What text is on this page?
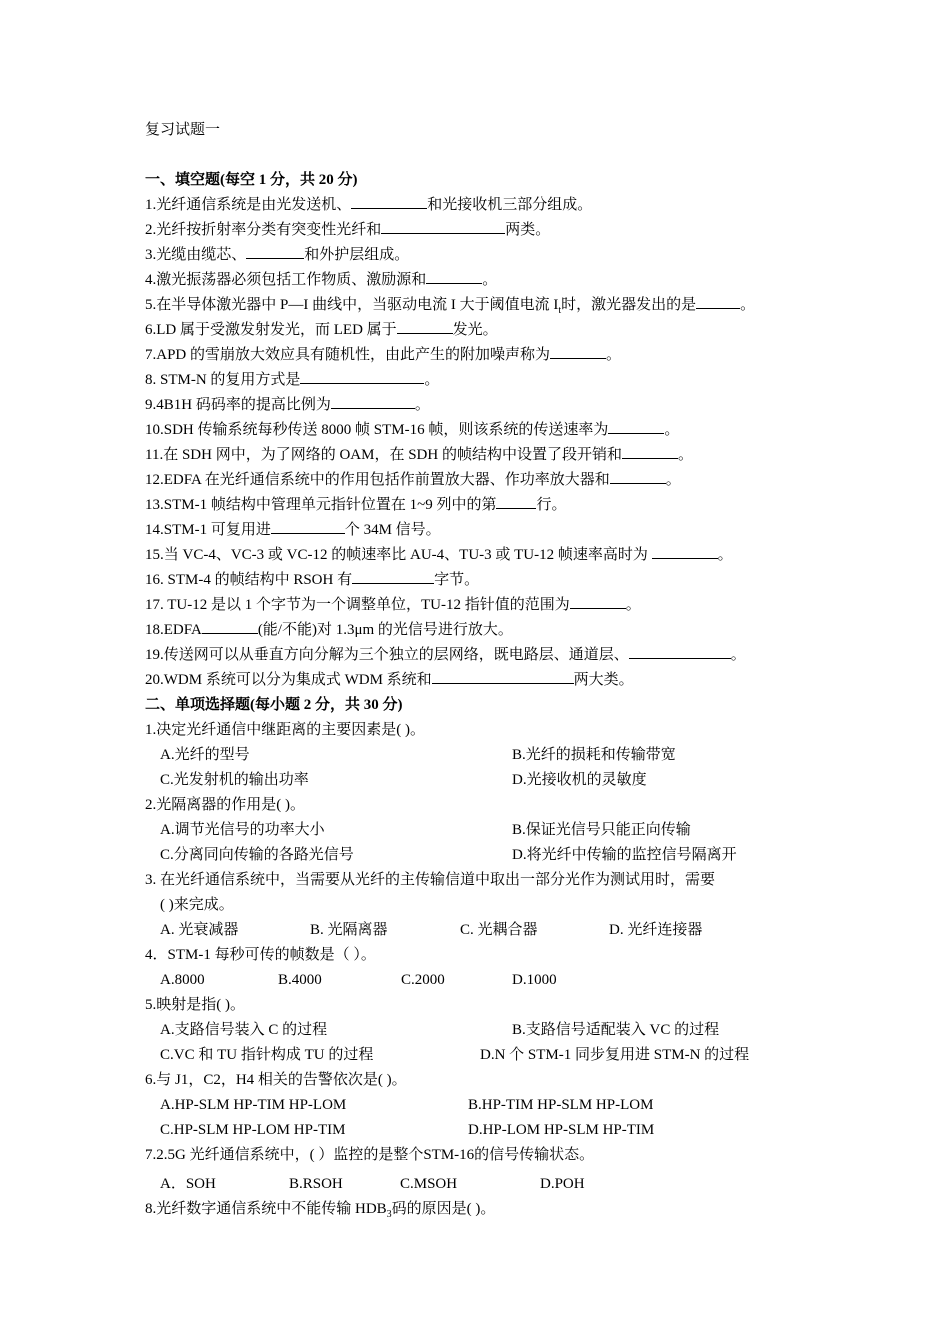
复习试题一
一、填空题(每空 1 分，共 20 分)
1.光纤通信系统是由光发送机、	和光接收机三部分组成。
2.光纤按折射率分类有突变性光纤和	两类。
3.光缆由缆芯、	和外护层组成。
4.激光振荡器必须包括工作物质、激励源和	。
5.在半导体激光器中 P—I 曲线中，当驱动电流 I 大于阈值电流 $I_t$时，激光器发出的是	。
6.LD 属于受激发射发光，而 LED 属于	发光。
7.APD 的雪崩放大效应具有随机性，由此产生的附加噪声称为	。
8. STM-N 的复用方式是	。
9.4B1H 码码率的提高比例为	。
10.SDH 传输系统每秒传送 8000 帧 STM-16 帧，则该系统的传送速率为	。
11.在 SDH 网中，为了网络的 OAM，在 SDH 的帧结构中设置了段开销和	。
12.EDFA 在光纤通信系统中的作用包括作前置放大器、作功率放大器和	。
13.STM-1 帧结构中管理单元指针位置在 1~9 列中的第	行。
14.STM-1 可复用进	个 34M 信号。
15.当 VC-4、VC-3 或 VC-12 的帧速率比 AU-4、TU-3 或 TU-12 帧速率高时为	。
16. STM-4 的帧结构中 RSOH 有	字节。
17. TU-12 是以 1 个字节为一个调整单位，TU-12 指针值的范围为	。
18.EDFA	(能/不能)对 1.3μm 的光信号进行放大。
19.传送网可以从垂直方向分解为三个独立的层网络，既电路层、通道层、	。
20.WDM 系统可以分为集成式 WDM 系统和	两大类。
二、单项选择题(每小题 2 分，共 30 分)
1.决定光纤通信中继距离的主要因素是( )。
A.光纤的型号	B.光纤的损耗和传输带宽
C.光发射机的输出功率	D.光接收机的灵敏度
2.光隔离器的作用是( )。
A.调节光信号的功率大小	B.保证光信号只能正向传输
C.分离同向传输的各路光信号	D.将光纤中传输的监控信号隔离开
3. 在光纤通信系统中，当需要从光纤的主传输信道中取出一部分光作为测试用时，需要
( )来完成。
A. 光衰减器	B. 光隔离器	C. 光耦合器	D. 光纤连接器
4．STM-1 每秒可传的帧数是（ ）。
A.8000	B.4000	C.2000	D.1000
5.映射是指( )。
A.支路信号装入 C 的过程	B.支路信号适配装入 VC 的过程
C.VC 和 TU 指针构成 TU 的过程	D.N 个 STM-1 同步复用进 STM-N 的过程
6.与 J1，C2，H4 相关的告警依次是( )。
A.HP-SLM HP-TIM HP-LOM	B.HP-TIM HP-SLM HP-LOM
C.HP-SLM HP-LOM HP-TIM	D.HP-LOM HP-SLM HP-TIM
7.2.5G 光纤通信系统中，( ）监控的是整个STM-16的信号传输状态。
A．SOH	B.RSOH	C.MSOH	D.POH
8.光纤数字通信系统中不能传输 $HDB_3$码的原因是( )。
